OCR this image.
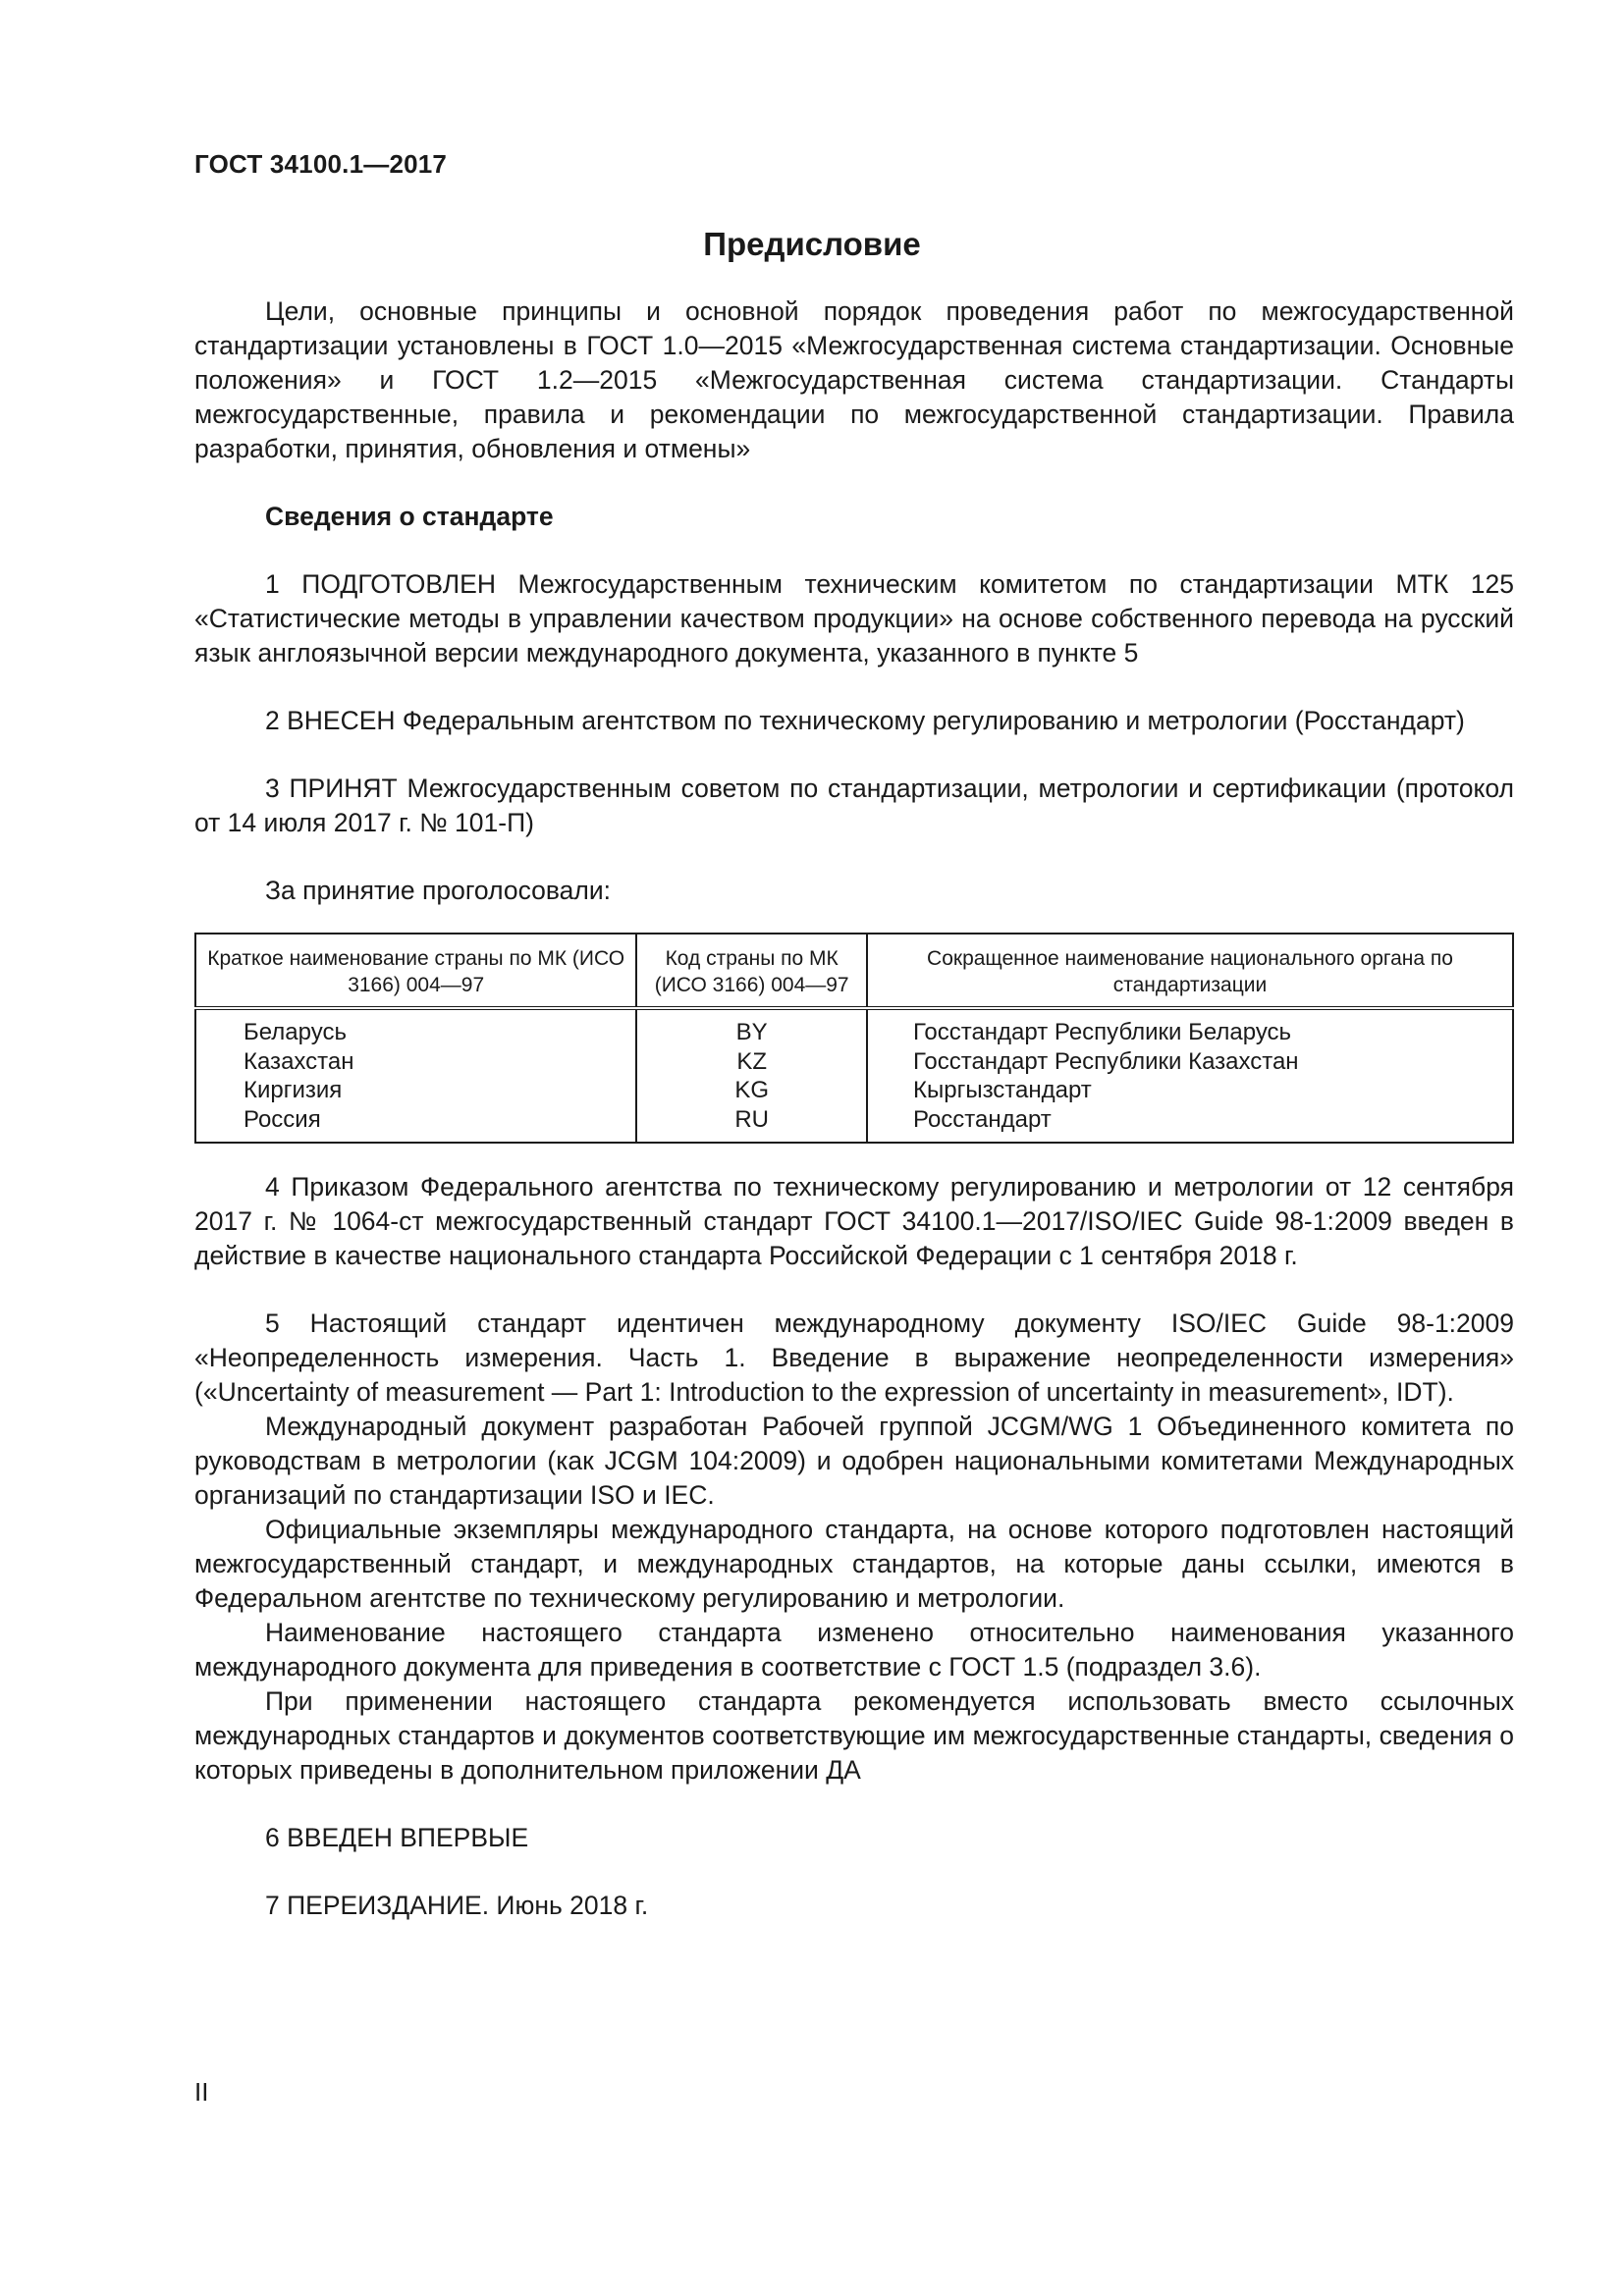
ГОСТ 34100.1—2017
Предисловие

Цели, основные принципы и основной порядок проведения работ по межгосударственной стандартизации установлены в ГОСТ 1.0—2015 «Межгосударственная система стандартизации. Основные положения» и ГОСТ 1.2—2015 «Межгосударственная система стандартизации. Стандарты межгосударственные, правила и рекомендации по межгосударственной стандартизации. Правила разработки, принятия, обновления и отмены»

Сведения о стандарте

1 ПОДГОТОВЛЕН Межгосударственным техническим комитетом по стандартизации МТК 125 «Статистические методы в управлении качеством продукции» на основе собственного перевода на русский язык англоязычной версии международного документа, указанного в пункте 5

2 ВНЕСЕН Федеральным агентством по техническому регулированию и метрологии (Росстандарт)

3 ПРИНЯТ Межгосударственным советом по стандартизации, метрологии и сертификации (протокол от 14 июля 2017 г. № 101-П)

За принятие проголосовали:

Краткое наименование страны по МК (ИСО 3166) 004—97	Код страны по МК (ИСО 3166) 004—97	Сокращенное наименование национального органа по стандартизации
Беларусь	BY	Госстандарт Республики Беларусь
Казахстан	KZ	Госстандарт Республики Казахстан
Киргизия	KG	Кыргызстандарт
Россия	RU	Росстандарт

4 Приказом Федерального агентства по техническому регулированию и метрологии от 12 сентября 2017 г. № 1064-ст межгосударственный стандарт ГОСТ 34100.1—2017/ISO/IEC Guide 98-1:2009 введен в действие в качестве национального стандарта Российской Федерации с 1 сентября 2018 г.

5 Настоящий стандарт идентичен международному документу ISO/IEC Guide 98-1:2009 «Неопределенность измерения. Часть 1. Введение в выражение неопределенности измерения» («Uncertainty of measurement — Part 1: Introduction to the expression of uncertainty in measurement», IDT).

Международный документ разработан Рабочей группой JCGM/WG 1 Объединенного комитета по руководствам в метрологии (как JCGM 104:2009) и одобрен национальными комитетами Международных организаций по стандартизации ISO и IEC.

Официальные экземпляры международного стандарта, на основе которого подготовлен настоящий межгосударственный стандарт, и международных стандартов, на которые даны ссылки, имеются в Федеральном агентстве по техническому регулированию и метрологии.

Наименование настоящего стандарта изменено относительно наименования указанного международного документа для приведения в соответствие с ГОСТ 1.5 (подраздел 3.6).

При применении настоящего стандарта рекомендуется использовать вместо ссылочных международных стандартов и документов соответствующие им межгосударственные стандарты, сведения о которых приведены в дополнительном приложении ДА

6 ВВЕДЕН ВПЕРВЫЕ

7 ПЕРЕИЗДАНИЕ. Июнь 2018 г.

II
